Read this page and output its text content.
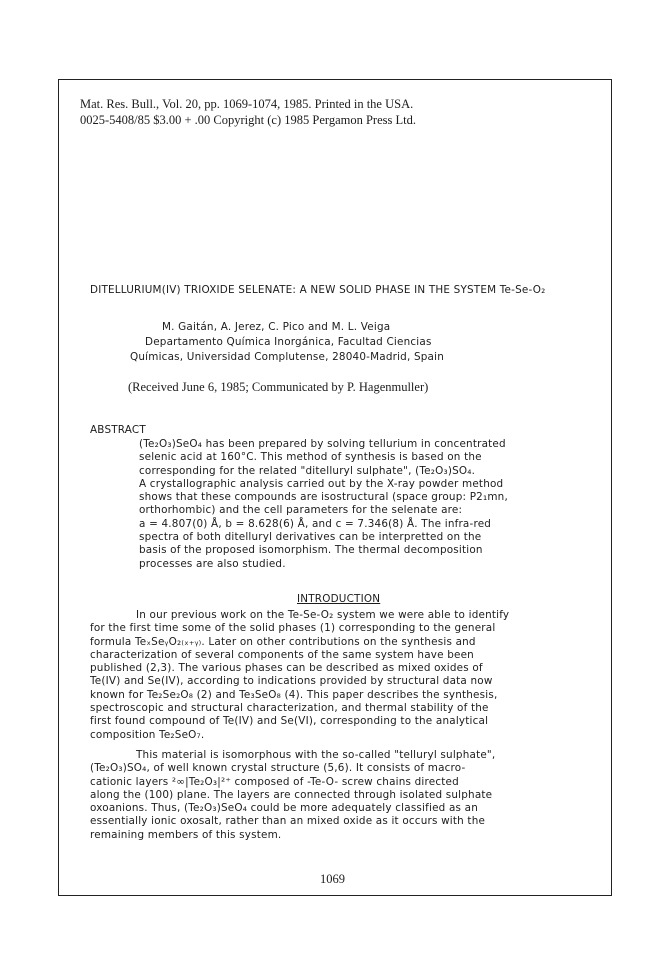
Mat. Res. Bull., Vol. 20, pp. 1069-1074, 1985. Printed in the USA.
0025-5408/85 $3.00 + .00 Copyright (c) 1985 Pergamon Press Ltd.
DITELLURIUM(IV) TRIOXIDE SELENATE: A NEW SOLID PHASE IN THE SYSTEM Te-Se-O₂
M. Gaitán, A. Jerez, C. Pico and M. L. Veiga
Departamento Química Inorgánica, Facultad Ciencias
Químicas, Universidad Complutense, 28040-Madrid, Spain
(Received June 6, 1985; Communicated by P. Hagenmuller)
ABSTRACT
(Te₂O₃)SeO₄ has been prepared by solving tellurium in concentrated
selenic acid at 160°C. This method of synthesis is based on the
corresponding for the related "ditelluryl sulphate", (Te₂O₃)SO₄.
A crystallographic analysis carried out by the X-ray powder method
shows that these compounds are isostructural (space group: P2₁mn,
orthorhombic) and the cell parameters for the selenate are:
a = 4.807(0) Å, b = 8.628(6) Å, and c = 7.346(8) Å. The infra-red
spectra of both ditelluryl derivatives can be interpretted on the
basis of the proposed isomorphism. The thermal decomposition
processes are also studied.
INTRODUCTION
In our previous work on the Te-Se-O₂ system we were able to identify
for the first time some of the solid phases (1) corresponding to the general
formula TeₓSeᵧO₂₍ₓ₊ᵧ₎. Later on other contributions on the synthesis and
characterization of several components of the same system have been
published (2,3). The various phases can be described as mixed oxides of
Te(IV) and Se(IV), according to indications provided by structural data now
known for Te₂Se₂O₈ (2) and Te₃SeO₈ (4). This paper describes the synthesis,
spectroscopic and structural characterization, and thermal stability of the
first found compound of Te(IV) and Se(VI), corresponding to the analytical
composition Te₂SeO₇.
This material is isomorphous with the so-called "telluryl sulphate",
(Te₂O₃)SO₄, of well known crystal structure (5,6). It consists of macro-
cationic layers ²∞|Te₂O₃|²⁺ composed of -Te-O- screw chains directed
along the (100) plane. The layers are connected through isolated sulphate
oxoanions. Thus, (Te₂O₃)SeO₄ could be more adequately classified as an
essentially ionic oxosalt, rather than an mixed oxide as it occurs with the
remaining members of this system.
1069
